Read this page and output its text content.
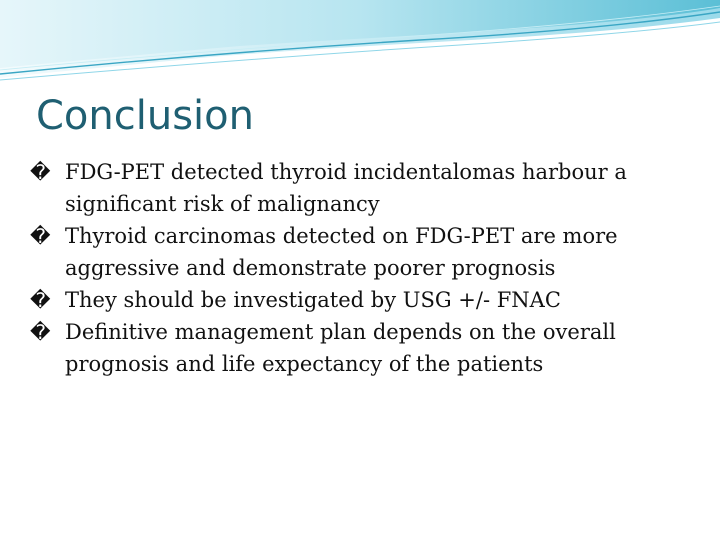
Conclusion
� FDG-PET detected thyroid incidentalomas harbour a significant risk of malignancy
� Thyroid carcinomas detected on FDG-PET are more aggressive and demonstrate poorer prognosis
� They should be investigated by USG +/- FNAC
� Definitive management plan depends on the overall prognosis and life expectancy of the patients
